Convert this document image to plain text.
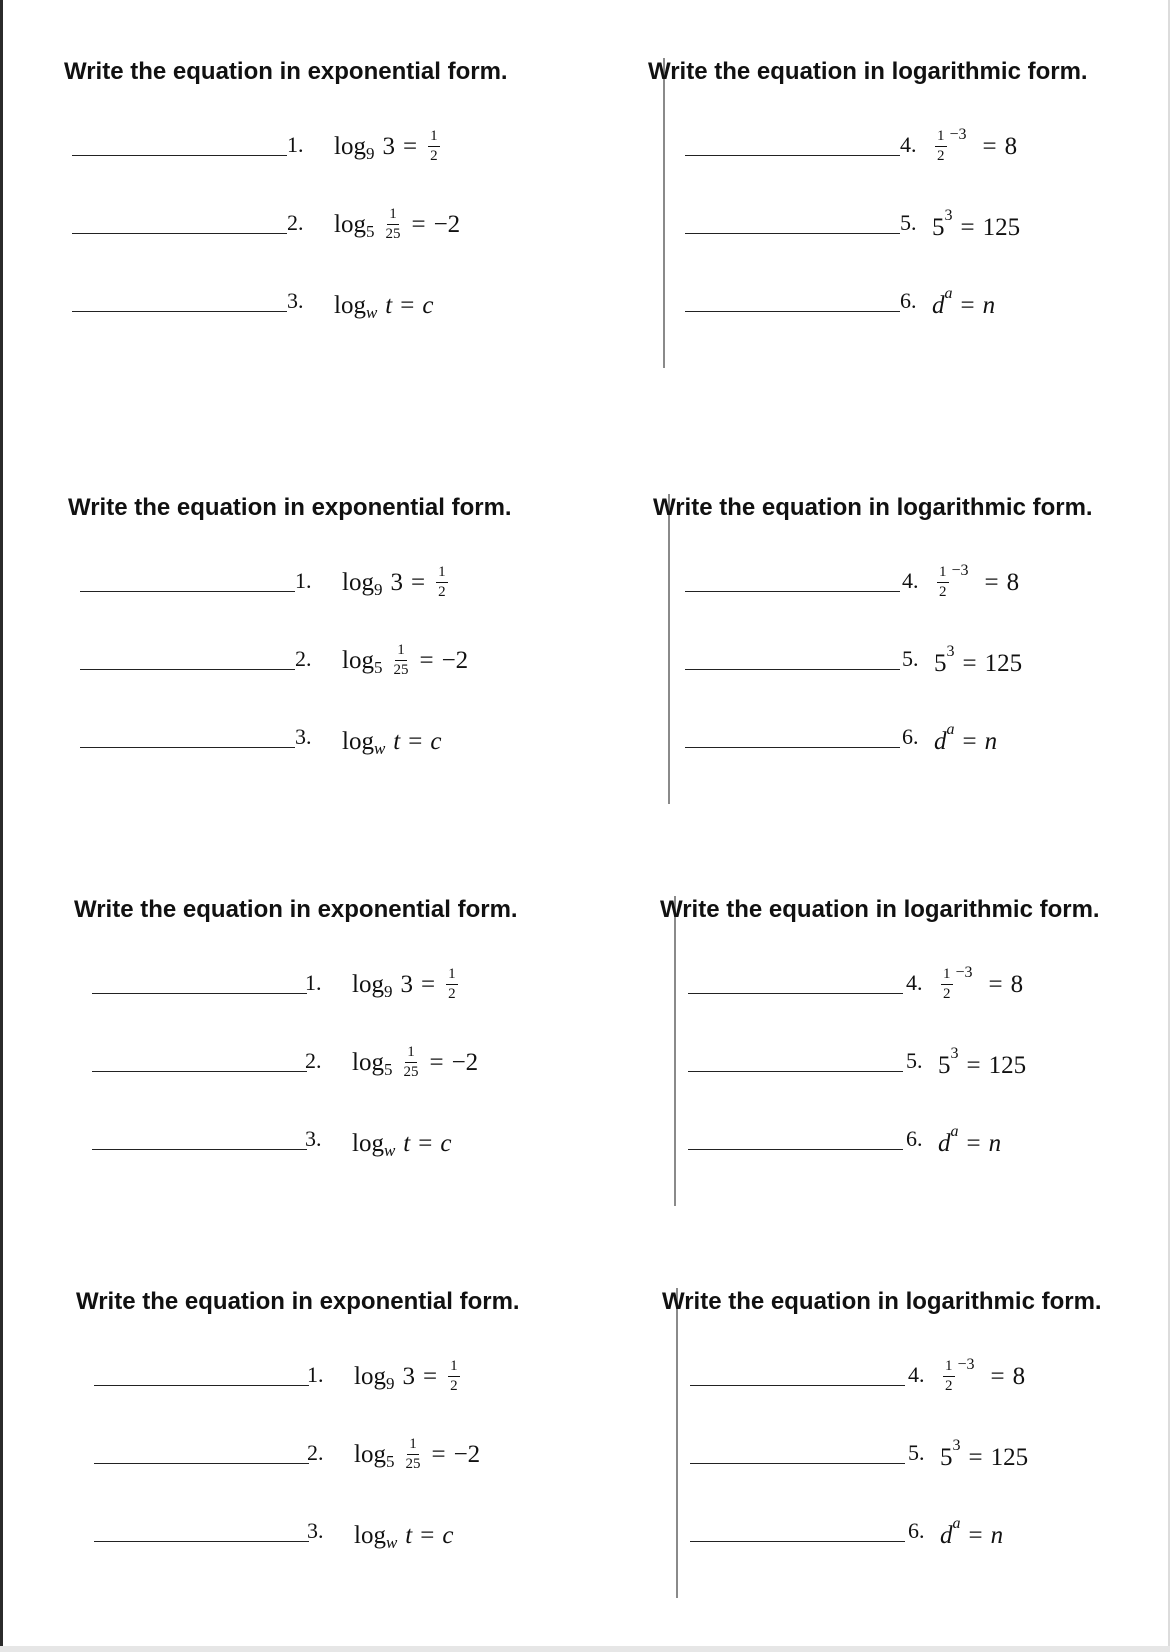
Write the equation in exponential form.
1. log 9 $3 = \frac{1}{2}$
2. $\log 5 \frac{1}{25} = -2$
3. log w t = c
Write the equation in logarithmic form.
4. $\frac{1}{2} -3 = 8$
5. 5 3 = 125
6. d a = n
Write the equation in exponential form.
1. log 9 $3 = \frac{1}{2}$
2. $\log 5 \frac{1}{25} = -2$
3. log w t = c
Write the equation in logarithmic form.
4. $\frac{1}{2} -3 = 8$
5. 5 3 = 125
6. d a = n
Write the equation in exponential form.
1. log 9 $3 = \frac{1}{2}$
2. $\log 5 \frac{1}{25} = -2$
3. log w t = c
Write the equation in logarithmic form.
4. $\frac{1}{2} -3 = 8$
5. 5 3 = 125
6. d a = n
Write the equation in exponential form.
1. log 9 $3 = \frac{1}{2}$
2. $\log 5 \frac{1}{25} = -2$
3. log w t = c
Write the equation in logarithmic form.
4. $\frac{1}{2} -3 = 8$
5. 5 3 = 125
6. d a = n
